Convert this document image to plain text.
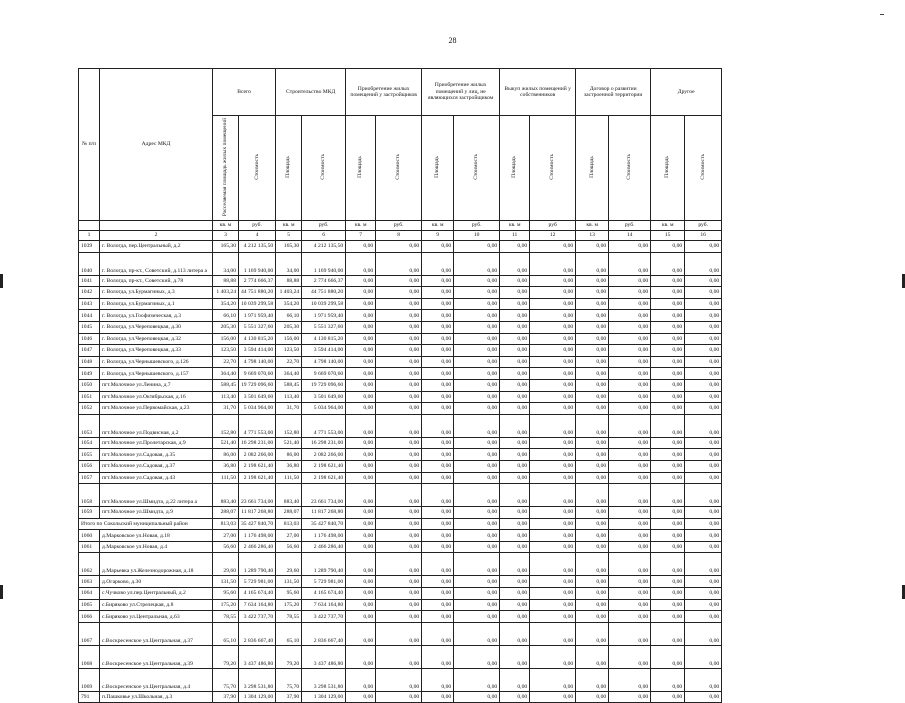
28
№ п/п	Адрес МКД	Всего		Строительство МКД		Приобретение жилых помещений у застройщиков		Приобретение жилых помещений у лиц, не являющихся застройщиком		Выкуп жилых помещений у собственников		Договор о развитии застроенной территории		Другое	
		Расселяемая площадь жилых помещений	Стоимость	Площадь	Стоимость	Площадь	Стоимость	Площадь	Стоимость	Площадь	Стоимость	Площадь	Стоимость	Площадь	Стоимость
		кв. м	руб.	кв. м	руб.	кв. м	руб.	кв. м	руб.	кв. м	руб	кв. м	руб.	кв. м	руб.
1	2	3	4	5	6	7	8	9	10	11	12	13	14	15	16
1039	г. Вологда, пер.Центральный, д.2	165,30	4 212 135,50	165,30	4 212 135,50	0,00	0,00	0,00	0,00	0,00	0,00	0,00	0,00	0,00	0,00
1040	г. Вологда, пр-кт., Советский, д.113 литера а	34,00	1 169 940,00	34,00	1 169 940,00	0,00	0,00	0,00	0,00	0,00	0,00	0,00	0,00	0,00	0,00
1041	г. Вологда, пр-кт., Советский, д.78	88,88	2 774 666,37	88,88	2 774 666,37	0,00	0,00	0,00	0,00	0,00	0,00	0,00	0,00	0,00	0,00
1042	г. Вологда, ул.Бурмагиных, д.3	1 403,24	44 751 880,20	1 403,24	44 751 880,20	0,00	0,00	0,00	0,00	0,00	0,00	0,00	0,00	0,00	0,00
1043	г. Вологда, ул.Бурмагиных, д.1	354,20	10 039 299,58	354,20	10 039 299,58	0,00	0,00	0,00	0,00	0,00	0,00	0,00	0,00	0,00	0,00
1044	г. Вологда, ул.Гоофизическая, д.3	66,10	1 971 959,40	66,10	1 971 959,40	0,00	0,00	0,00	0,00	0,00	0,00	0,00	0,00	0,00	0,00
1045	г. Вологда, ул.Череповецкая, д.30	205,30	5 551 327,60	205,30	5 551 327,60	0,00	0,00	0,00	0,00	0,00	0,00	0,00	0,00	0,00	0,00
1046	г. Вологда, ул.Череповецкая, д.32	156,00	4 130 815,20	156,00	4 130 815,20	0,00	0,00	0,00	0,00	0,00	0,00	0,00	0,00	0,00	0,00
1047	г. Вологда, ул.Череповецкая, д.33	123,50	3 594 414,00	123,50	3 594 414,00	0,00	0,00	0,00	0,00	0,00	0,00	0,00	0,00	0,00	0,00
1048	г. Вологда, ул.Чернышевского, д.126	22,70	4 798 140,00	22,70	4 798 140,00	0,00	0,00	0,00	0,00	0,00	0,00	0,00	0,00	0,00	0,00
1049	г. Вологда, ул.Чернышевского, д.157	364,40	9 669 070,60	364,40	9 669 070,60	0,00	0,00	0,00	0,00	0,00	0,00	0,00	0,00	0,00	0,00
1050	пгт.Молочное ул.Ленина, д.7	588,45	19 729 096,60	588,45	19 729 096,60	0,00	0,00	0,00	0,00	0,00	0,00	0,00	0,00	0,00	0,00
1051	пгт.Молочное ул.Октябрьская, д.16	113,40	3 501 649,60	113,40	3 501 649,60	0,00	0,00	0,00	0,00	0,00	0,00	0,00	0,00	0,00	0,00
1052	пгт.Молочное ул.Первомайская, д.23	31,70	5 034 964,00	31,70	5 034 964,00	0,00	0,00	0,00	0,00	0,00	0,00	0,00	0,00	0,00	0,00
1053	пгт.Молочное ул.Подвисная, д.2	152,80	4 771 553,00	152,80	4 771 553,00	0,00	0,00	0,00	0,00	0,00	0,00	0,00	0,00	0,00	0,00
1054	пгт.Молочное ул.Пролетарская, д.9	521,40	16 298 231,00	521,40	16 298 231,00	0,00	0,00	0,00	0,00	0,00	0,00	0,00	0,00	0,00	0,00
1055	пгт.Молочное ул.Садовая, д.35	86,00	2 082 266,00	86,00	2 082 266,00	0,00	0,00	0,00	0,00	0,00	0,00	0,00	0,00	0,00	0,00
1056	пгт.Молочное ул.Садовая, д.37	36,80	2 198 621,40	36,80	2 198 621,40	0,00	0,00	0,00	0,00	0,00	0,00	0,00	0,00	0,00	0,00
1057	пгт.Молочное ул.Садовая, д.43	111,50	2 198 621,40	111,50	2 198 621,40	0,00	0,00	0,00	0,00	0,00	0,00	0,00	0,00	0,00	0,00
1058	пгт.Молочное ул.Шмидта, д.22 литера а	883,40	23 661 734,00	883,40	23 661 734,00	0,00	0,00	0,00	0,00	0,00	0,00	0,00	0,00	0,00	0,00
1059	пгт.Молочное ул.Шмидта, д.9	288,07	11 817 268,80	288,07	11 817 268,80	0,00	0,00	0,00	0,00	0,00	0,00	0,00	0,00	0,00	0,00
Итого по Сокольский муниципальный район		813,03	35 427 840,70	813,03	35 427 840,70	0,00	0,00	0,00	0,00	0,00	0,00	0,00	0,00	0,00	0,00
1060	д.Марковское ул.Новая, д.18	27,00	1 176 498,00	27,00	1 176 498,00	0,00	0,00	0,00	0,00	0,00	0,00	0,00	0,00	0,00	0,00
1061	д.Марковское ул.Новая, д.4	56,60	2 466 286,40	56,60	2 466 286,40	0,00	0,00	0,00	0,00	0,00	0,00	0,00	0,00	0,00	0,00
1062	д.Марьевка ул.Железнодорожная, д.18	29,60	1 289 790,40	29,60	1 289 790,40	0,00	0,00	0,00	0,00	0,00	0,00	0,00	0,00	0,00	0,00
1063	д.Огарково, д.30	131,50	5 729 981,00	131,50	5 729 981,00	0,00	0,00	0,00	0,00	0,00	0,00	0,00	0,00	0,00	0,00
1064	с.Чучково ул.пер.Центральный, д.2	95,60	4 165 674,40	95,60	4 165 674,40	0,00	0,00	0,00	0,00	0,00	0,00	0,00	0,00	0,00	0,00
1065	с.Биряково ул.Стрелецкая, д.8	175,20	7 634 164,80	175,20	7 634 164,80	0,00	0,00	0,00	0,00	0,00	0,00	0,00	0,00	0,00	0,00
1066	с.Биряково ул.Центральная, д.63	78,55	3 422 737,70	78,55	3 422 737,70	0,00	0,00	0,00	0,00	0,00	0,00	0,00	0,00	0,00	0,00
1067	с.Воскресенское ул.Центральная, д.37	65,10	2 836 667,40	65,10	2 836 667,40	0,00	0,00	0,00	0,00	0,00	0,00	0,00	0,00	0,00	0,00
1068	с.Воскресенское ул.Центральная, д.39	79,20	3 437 486,80	79,20	3 437 486,80	0,00	0,00	0,00	0,00	0,00	0,00	0,00	0,00	0,00	0,00
1069	с.Воскресенское ул.Центральная, д.4	75,70	3 298 531,80	75,70	3 298 531,80	0,00	0,00	0,00	0,00	0,00	0,00	0,00	0,00	0,00	0,00
791	п.Пашковье ул.Школьная, д.3	37,90	1 304 129,00	37,90	1 304 129,00	0,00	0,00	0,00	0,00	0,00	0,00	0,00	0,00	0,00	0,00
